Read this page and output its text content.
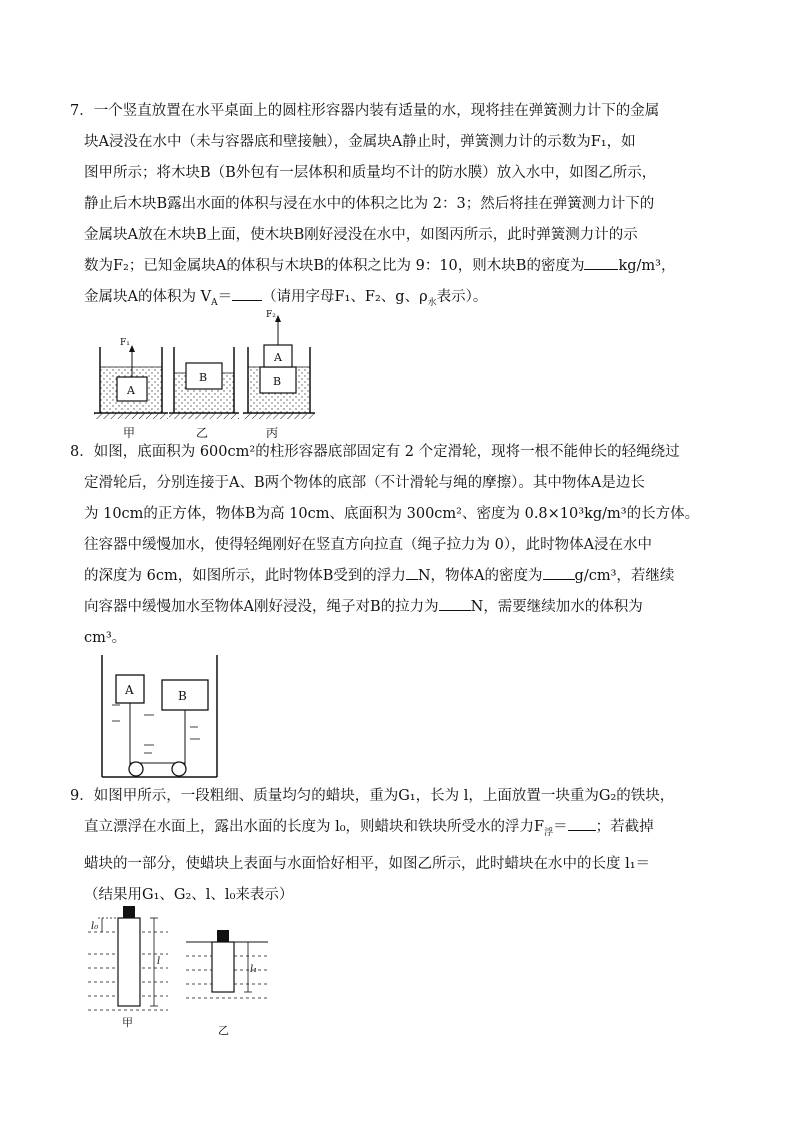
7．一个竖直放置在水平桌面上的圆柱形容器内装有适量的水，现将挂在弹簧测力计下的金属

块A浸没在水中（未与容器底和壁接触），金属块A静止时，弹簧测力计的示数为F₁，如

图甲所示；将木块B（B外包有一层体积和质量均不计的防水膜）放入水中，如图乙所示，

静止后木块B露出水面的体积与浸在水中的体积之比为 2：3；然后将挂在弹簧测力计下的

金属块A放在木块B上面，使木块B刚好浸没在水中，如图丙所示，此时弹簧测力计的示

数为F₂；已知金属块A的体积与木块B的体积之比为 9：10，则木块B的密度为 kg/m³，

金属块A的体积为 $V_A=$ （请用字母F₁、F₂、g、$\rho_水$表示）。

A
F₁
甲
B
乙
B
A
F₂
丙

8．如图，底面积为 600cm²的柱形容器底部固定有 2 个定滑轮，现将一根不能伸长的轻绳绕过

定滑轮后，分别连接于A、B两个物体的底部（不计滑轮与绳的摩擦）。其中物体A是边长

为 10cm的正方体，物体B为高 10cm、底面积为 300cm²、密度为 0.8×10³kg/m³的长方体。

往容器中缓慢加水，使得轻绳刚好在竖直方向拉直（绳子拉力为 0），此时物体A浸在水中

的深度为 6cm，如图所示，此时物体B受到的浮力 N，物体A的密度为 g/cm³，若继续

向容器中缓慢加水至物体A刚好浸没，绳子对B的拉力为 N，需要继续加水的体积为

cm³。

A	B

9．如图甲所示，一段粗细、质量均匀的蜡块，重为G₁，长为 l，上面放置一块重为G₂的铁块，

直立漂浮在水面上，露出水面的长度为 l₀，则蜡块和铁块所受水的浮力$F_浮=$ ；若截掉

蜡块的一部分，使蜡块上表面与水面恰好相平，如图乙所示，此时蜡块在水中的长度 l₁＝

（结果用G₁、G₂、l、l₀来表示）

l₀
l
甲
l₁
乙
